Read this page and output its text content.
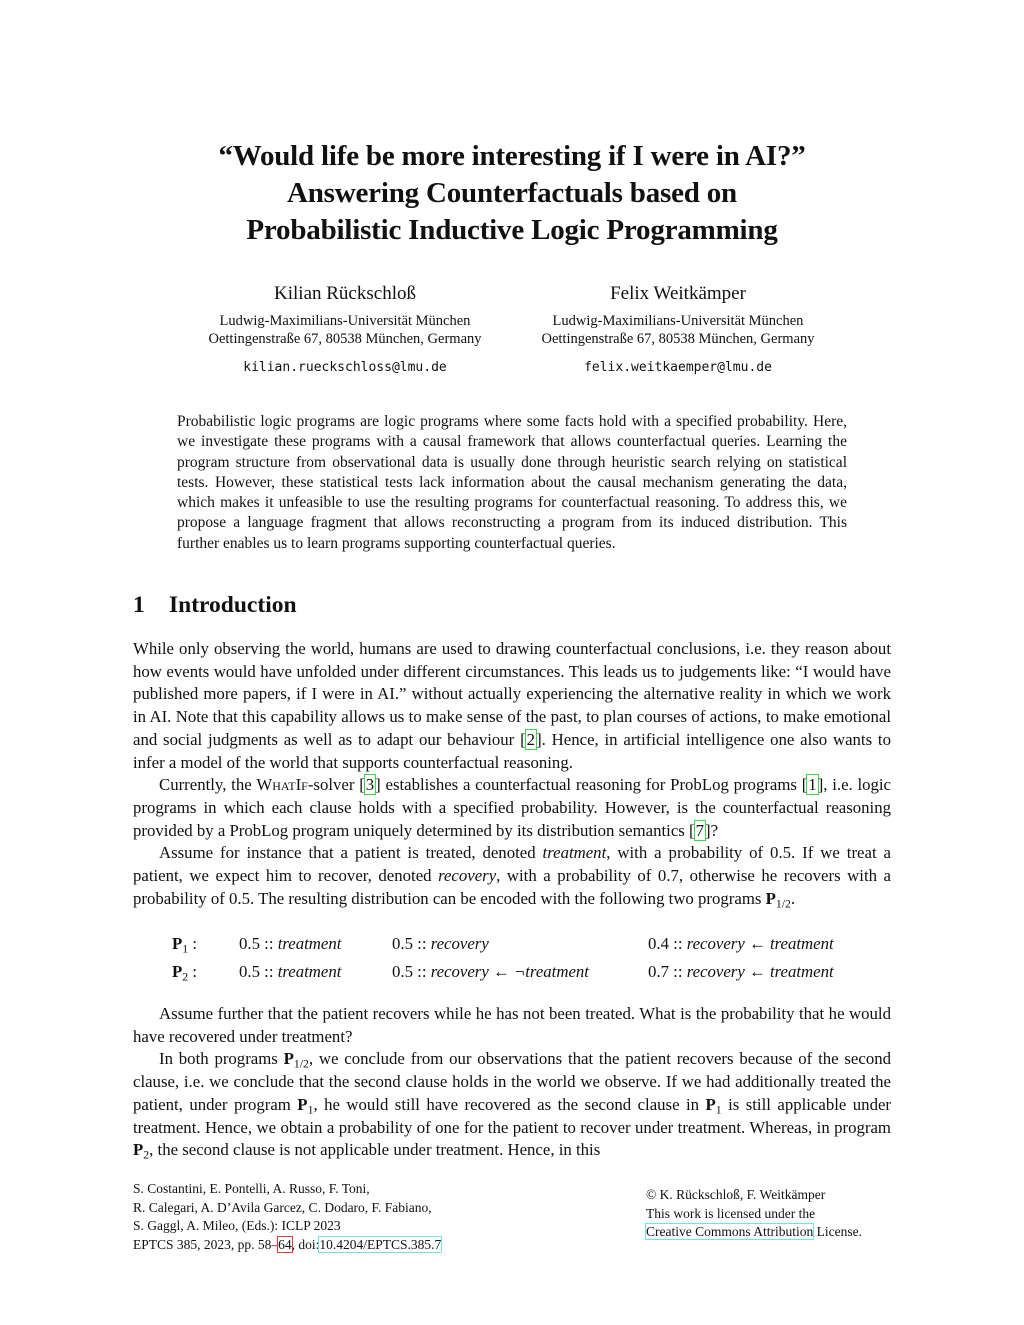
“Would life be more interesting if I were in AI?”
Answering Counterfactuals based on
Probabilistic Inductive Logic Programming
Kilian Rückschloß
Ludwig-Maximilians-Universität München
Oettingenstraße 67, 80538 München, Germany
kilian.rueckschloss@lmu.de
Felix Weitkämper
Ludwig-Maximilians-Universität München
Oettingenstraße 67, 80538 München, Germany
felix.weitkaemper@lmu.de
Probabilistic logic programs are logic programs where some facts hold with a specified probability. Here, we investigate these programs with a causal framework that allows counterfactual queries. Learning the program structure from observational data is usually done through heuristic search relying on statistical tests. However, these statistical tests lack information about the causal mechanism generating the data, which makes it unfeasible to use the resulting programs for counterfactual reasoning. To address this, we propose a language fragment that allows reconstructing a program from its induced distribution. This further enables us to learn programs supporting counterfactual queries.
1 Introduction

While only observing the world, humans are used to drawing counterfactual conclusions, i.e. they reason about how events would have unfolded under different circumstances. This leads us to judgements like: “I would have published more papers, if I were in AI.” without actually experiencing the alternative reality in which we work in AI. Note that this capability allows us to make sense of the past, to plan courses of actions, to make emotional and social judgments as well as to adapt our behaviour [2]. Hence, in artificial intelligence one also wants to infer a model of the world that supports counterfactual reasoning.

Currently, the WhatIf-solver [3] establishes a counterfactual reasoning for ProbLog programs [1], i.e. logic programs in which each clause holds with a specified probability. However, is the counterfactual reasoning provided by a ProbLog program uniquely determined by its distribution semantics [7]?

Assume for instance that a patient is treated, denoted treatment, with a probability of 0.5. If we treat a patient, we expect him to recover, denoted recovery, with a probability of 0.7, otherwise he recovers with a probability of 0.5. The resulting distribution can be encoded with the following two programs $P_{1/2}$.

$P_1$ :	0.5 :: treatment	0.5 :: recovery	0.4 :: recovery ← treatment
$P_2$ :	0.5 :: treatment	0.5 :: recovery ← ¬treatment	0.7 :: recovery ← treatment

Assume further that the patient recovers while he has not been treated. What is the probability that he would have recovered under treatment?

In both programs $P_{1/2}$, we conclude from our observations that the patient recovers because of the second clause, i.e. we conclude that the second clause holds in the world we observe. If we had additionally treated the patient, under program $P_1$, he would still have recovered as the second clause in $P_1$ is still applicable under treatment. Hence, we obtain a probability of one for the patient to recover under treatment. Whereas, in program $P_2$, the second clause is not applicable under treatment. Hence, in this

S. Costantini, E. Pontelli, A. Russo, F. Toni,
R. Calegari, A. D’Avila Garcez, C. Dodaro, F. Fabiano,
S. Gaggl, A. Mileo, (Eds.): ICLP 2023
EPTCS 385, 2023, pp. 58–64, doi:10.4204/EPTCS.385.7
© K. Rückschloß, F. Weitkämper
This work is licensed under the
Creative Commons Attribution License.
